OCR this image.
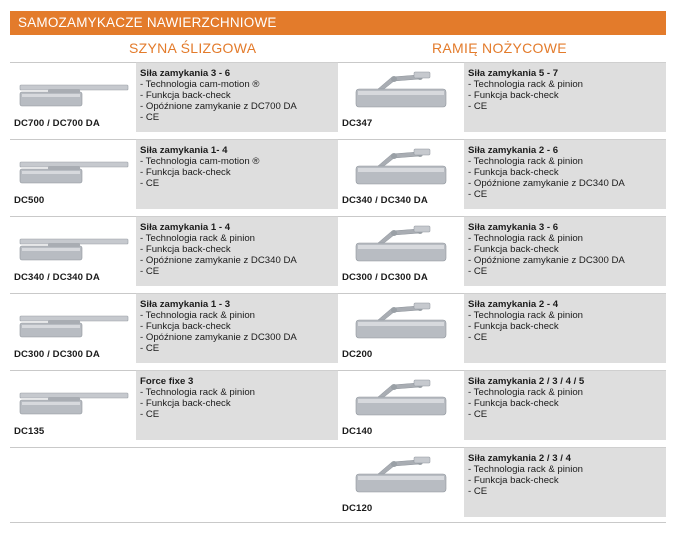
SAMOZAMYKACZE NAWIERZCHNIOWE
SZYNA ŚLIZGOWA	RAMIĘ NOŻYCOWE
DC700 / DC700 DA
Siła zamykania 3 - 6
- Technologia cam-motion ®
- Funkcja back-check
- Opóźnione zamykanie z DC700 DA
- CE
DC500
Siła zamykania 1- 4
- Technologia cam-motion ®
- Funkcja back-check
- CE
DC340 / DC340 DA
Siła zamykania 1 - 4
- Technologia rack & pinion
- Funkcja back-check
- Opóźnione zamykanie z DC340 DA
- CE
DC300 / DC300 DA
Siła zamykania 1 - 3
- Technologia rack & pinion
- Funkcja back-check
- Opóźnione zamykanie z DC300 DA
- CE
DC135
Force fixe 3
- Technologia rack & pinion
- Funkcja back-check
- CE
DC347
Siła zamykania 5 - 7
- Technologia rack & pinion
- Funkcja back-check
- CE
DC340 / DC340 DA
Siła zamykania 2 - 6
- Technologia rack & pinion
- Funkcja back-check
- Opóźnione zamykanie z DC340 DA
- CE
DC300 / DC300 DA
Siła zamykania 3 - 6
- Technologia rack & pinion
- Funkcja back-check
- Opóźnione zamykanie z DC300 DA
- CE
DC200
Siła zamykania 2 - 4
- Technologia rack & pinion
- Funkcja back-check
- CE
DC140
Siła zamykania 2 / 3 / 4 / 5
- Technologia rack & pinion
- Funkcja back-check
- CE
DC120
Siła zamykania 2 / 3 / 4
- Technologia rack & pinion
- Funkcja back-check
- CE
